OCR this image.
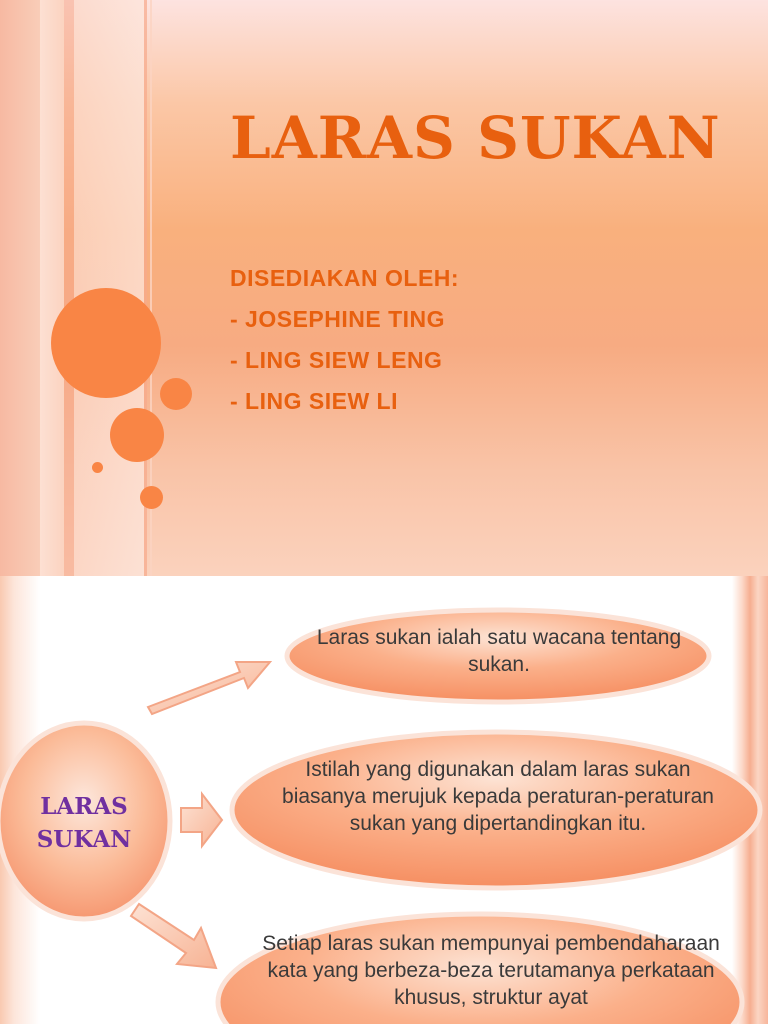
LARAS SUKAN
DISEDIAKAN OLEH:
- JOSEPHINE TING
- LING SIEW LENG
- LING SIEW LI

LARAS
SUKAN

Laras sukan ialah satu wacana tentang sukan.

Istilah yang digunakan dalam laras sukan biasanya merujuk kepada peraturan-peraturan sukan yang dipertandingkan itu.

Setiap laras sukan mempunyai pembendaharaan kata yang berbeza-beza terutamanya perkataan khusus, struktur ayat
